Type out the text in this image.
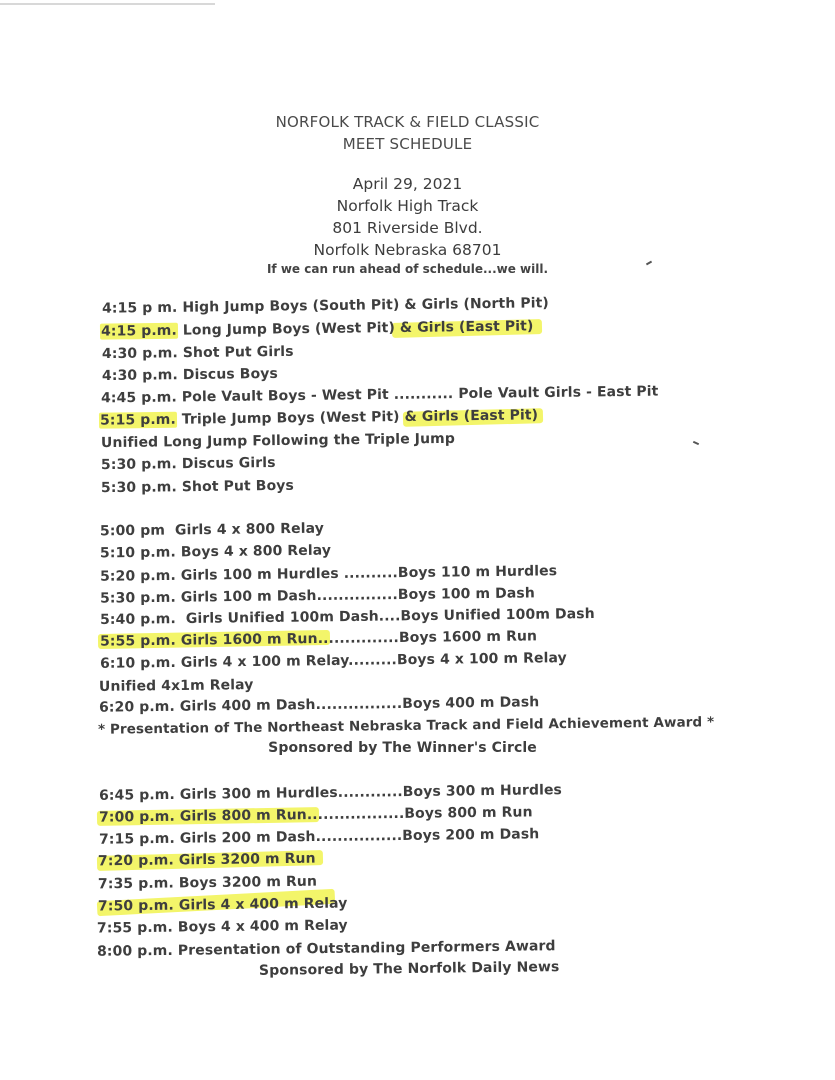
NORFOLK TRACK & FIELD CLASSIC
MEET SCHEDULE
April 29, 2021
Norfolk High Track
801 Riverside Blvd.
Norfolk Nebraska 68701
If we can run ahead of schedule...we will.
4:15 p m. High Jump Boys (South Pit) & Girls (North Pit)
4:15 p.m. Long Jump Boys (West Pit) & Girls (East Pit)
4:30 p.m. Shot Put Girls
4:30 p.m. Discus Boys
4:45 p.m. Pole Vault Boys - West Pit ........... Pole Vault Girls - East Pit
5:15 p.m. Triple Jump Boys (West Pit) & Girls (East Pit)
Unified Long Jump Following the Triple Jump
5:30 p.m. Discus Girls
5:30 p.m. Shot Put Boys
5:00 pm Girls 4 x 800 Relay
5:10 p.m. Boys 4 x 800 Relay
5:20 p.m. Girls 100 m Hurdles ..........Boys 110 m Hurdles
5:30 p.m. Girls 100 m Dash...............Boys 100 m Dash
5:40 p.m. Girls Unified 100m Dash....Boys Unified 100m Dash
5:55 p.m. Girls 1600 m Run...............Boys 1600 m Run
6:10 p.m. Girls 4 x 100 m Relay.........Boys 4 x 100 m Relay
Unified 4x1m Relay
6:20 p.m. Girls 400 m Dash................Boys 400 m Dash
* Presentation of The Northeast Nebraska Track and Field Achievement Award *
Sponsored by The Winner's Circle
6:45 p.m. Girls 300 m Hurdles............Boys 300 m Hurdles
7:00 p.m. Girls 800 m Run..................Boys 800 m Run
7:15 p.m. Girls 200 m Dash................Boys 200 m Dash
7:20 p.m. Girls 3200 m Run
7:35 p.m. Boys 3200 m Run
7:50 p.m. Girls 4 x 400 m Relay
7:55 p.m. Boys 4 x 400 m Relay
8:00 p.m. Presentation of Outstanding Performers Award
Sponsored by The Norfolk Daily News
